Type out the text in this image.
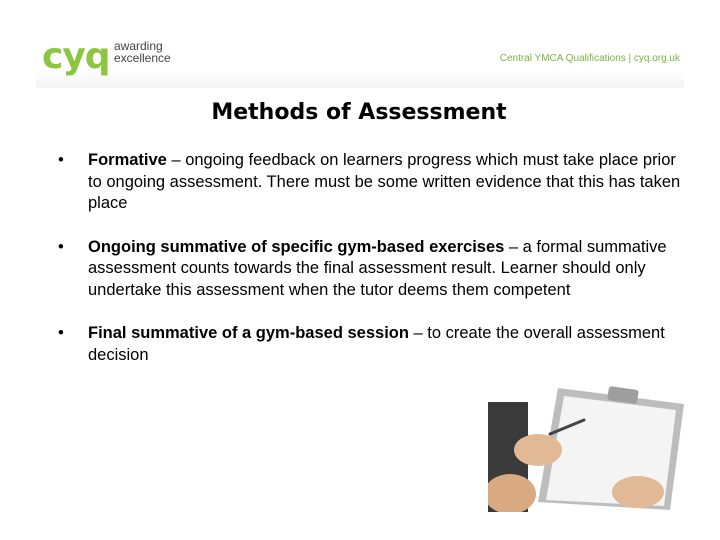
cyq awarding
excellence	Central YMCA Qualifications | cyq.org.uk
Methods of Assessment
• Formative – ongoing feedback on learners progress which must take place prior to ongoing assessment. There must be some written evidence that this has taken place
• Ongoing summative of specific gym-based exercises – a formal summative assessment counts towards the final assessment result. Learner should only undertake this assessment when the tutor deems them competent
• Final summative of a gym-based session – to create the overall assessment decision
